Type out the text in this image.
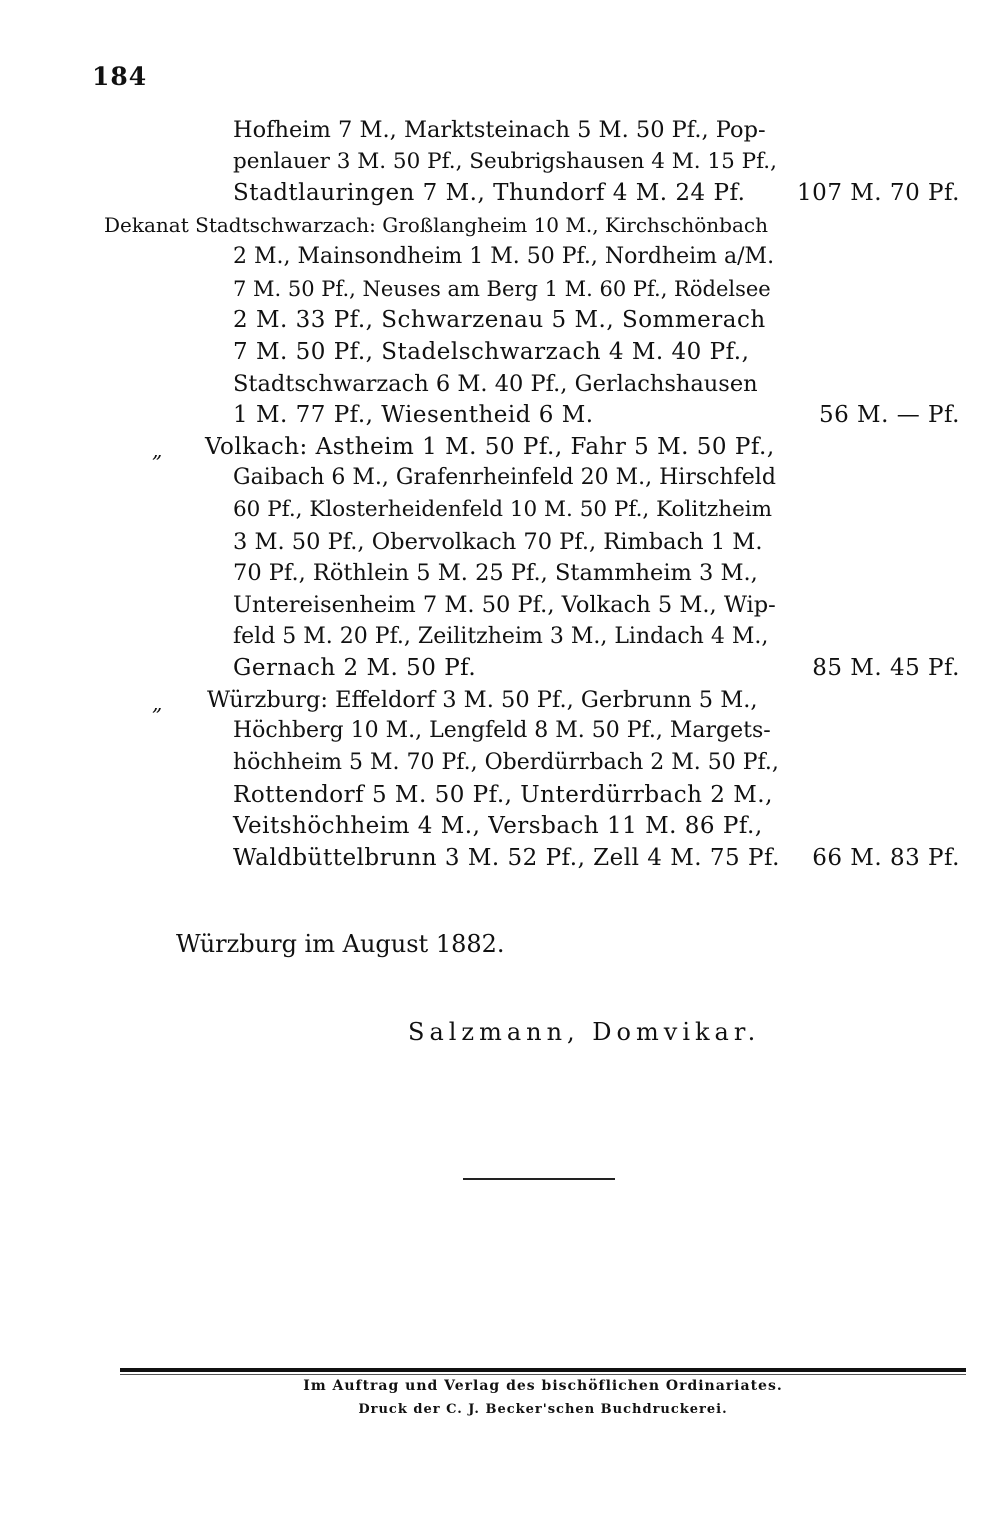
184
Hofheim 7 M., Marktsteinach 5 M. 50 Pf., Pop-
penlauer 3 M. 50 Pf., Seubrigshausen 4 M. 15 Pf.,
Stadtlauringen 7 M., Thundorf 4 M. 24 Pf. 107 M. 70 Pf.
Dekanat Stadtschwarzach: Großlangheim 10 M., Kirchschönbach
2 M., Mainsondheim 1 M. 50 Pf., Nordheim a/M.
7 M. 50 Pf., Neuses am Berg 1 M. 60 Pf., Rödelsee
2 M. 33 Pf., Schwarzenau 5 M., Sommerach
7 M. 50 Pf., Stadelschwarzach 4 M. 40 Pf.,
Stadtschwarzach 6 M. 40 Pf., Gerlachshausen
1 M. 77 Pf., Wiesentheid 6 M.	56 M. — Pf.
„ Volkach: Astheim 1 M. 50 Pf., Fahr 5 M. 50 Pf.,
Gaibach 6 M., Grafenrheinfeld 20 M., Hirschfeld
60 Pf., Klosterheidenfeld 10 M. 50 Pf., Kolitzheim
3 M. 50 Pf., Obervolkach 70 Pf., Rimbach 1 M.
70 Pf., Röthlein 5 M. 25 Pf., Stammheim 3 M.,
Untereisenheim 7 M. 50 Pf., Volkach 5 M., Wip-
feld 5 M. 20 Pf., Zeilitzheim 3 M., Lindach 4 M.,
Gernach 2 M. 50 Pf.	85 M. 45 Pf.
„ Würzburg: Effeldorf 3 M. 50 Pf., Gerbrunn 5 M.,
Höchberg 10 M., Lengfeld 8 M. 50 Pf., Margets-
höchheim 5 M. 70 Pf., Oberdürrbach 2 M. 50 Pf.,
Rottendorf 5 M. 50 Pf., Unterdürrbach 2 M.,
Veitshöchheim 4 M., Versbach 11 M. 86 Pf.,
Waldbüttelbrunn 3 M. 52 Pf., Zell 4 M. 75 Pf. 66 M. 83 Pf.
Würzburg im August 1882.
Salzmann, Domvikar.
Im Auftrag und Verlag des bischöflichen Ordinariates.
Druck der C. J. Becker'schen Buchdruckerei.
